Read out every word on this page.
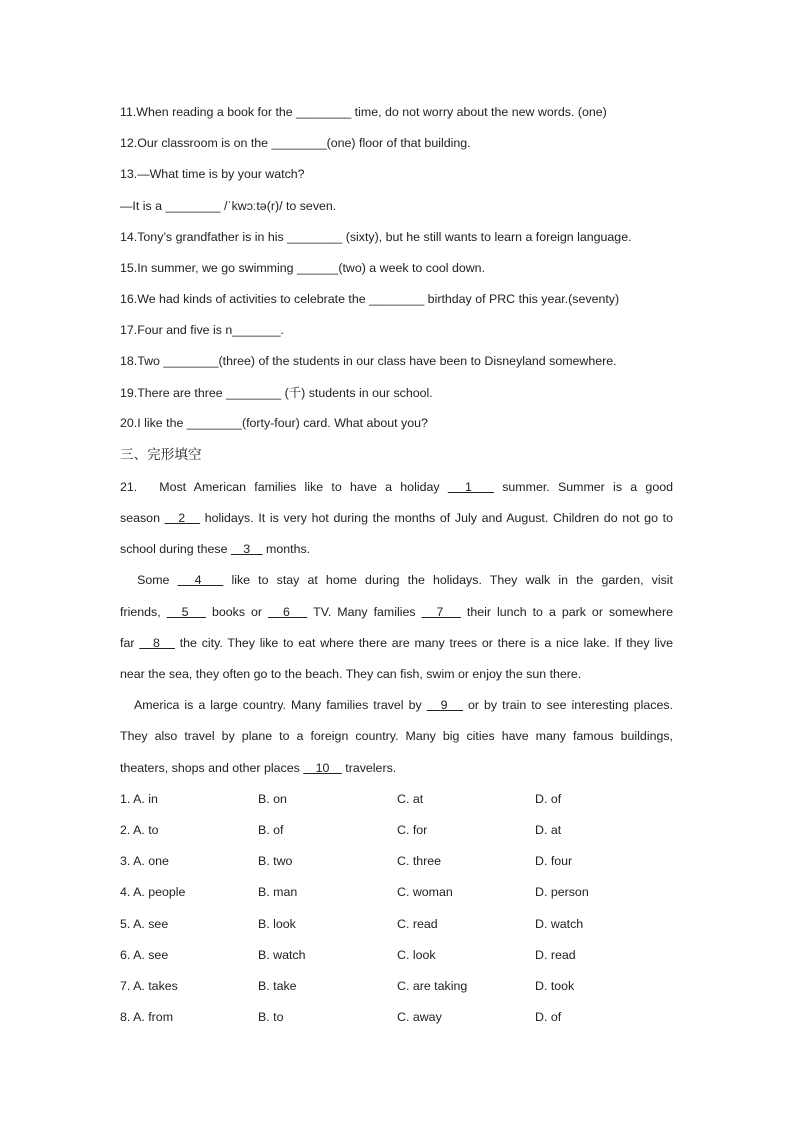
11.When reading a book for the ________ time, do not worry about the new words. (one)
12.Our classroom is on the ________(one) floor of that building.
13.—What time is by your watch?
—It is a ________ /ˈkwɔːtə(r)/ to seven.
14.Tony’s grandfather is in his ________ (sixty), but he still wants to learn a foreign language.
15.In summer, we go swimming ______(two) a week to cool down.
16.We had kinds of activities to celebrate the ________ birthday of PRC this year.(seventy)
17.Four and five is n_______.
18.Two ________(three) of the students in our class have been to Disneyland somewhere.
19.There are three ________ (千) students in our school.
20.I like the ________(forty-four) card. What about you?
三、完形填空
21.　Most American families like to have a holiday 　1　 summer. Summer is a good
season 　2　 holidays. It is very hot during the months of July and August. Children do not go to
school during these 　3　 months.
　Some 　4　 like to stay at home during the holidays. They walk in the garden, visit
friends, 　5　 books or 　6　 TV. Many families 　7　 their lunch to a park or somewhere
far 　8　 the city. They like to eat where there are many trees or there is a nice lake. If they live
near the sea, they often go to the beach. They can fish, swim or enjoy the sun there.
　America is a large country. Many families travel by 　9　 or by train to see interesting places.
They also travel by plane to a foreign country. Many big cities have many famous buildings,
theaters, shops and other places 　10　 travelers.
1. A. in	B. on	C. at	D. of
2. A. to	B. of	C. for	D. at
3. A. one	B. two	C. three	D. four
4. A. people	B. man	C. woman	D. person
5. A. see	B. look	C. read	D. watch
6. A. see	B. watch	C. look	D. read
7. A. takes	B. take	C. are taking	D. took
8. A. from	B. to	C. away	D. of
